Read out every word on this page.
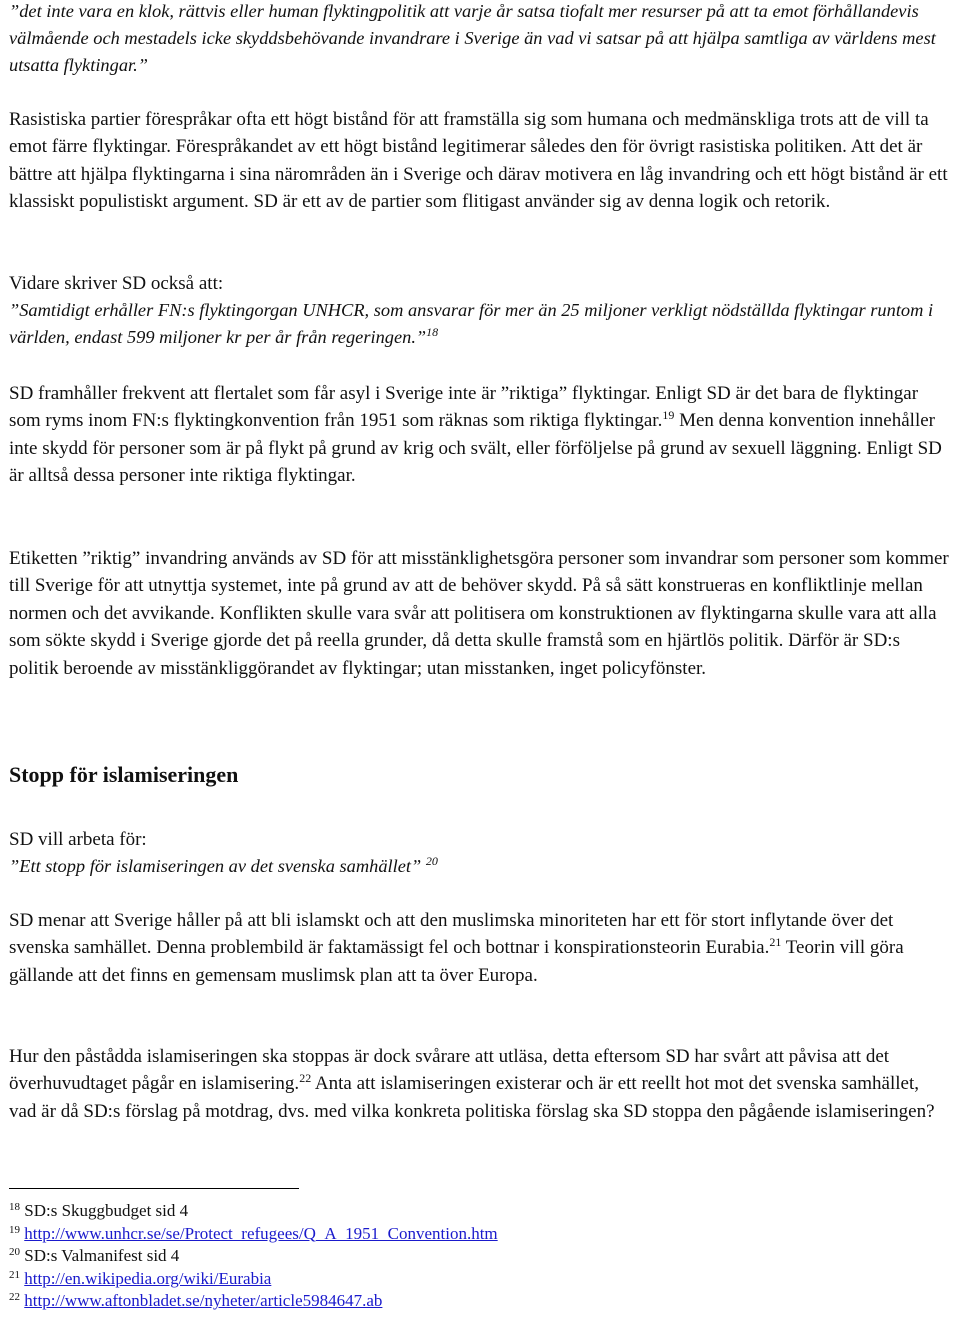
”det inte vara en klok, rättvis eller human flyktingpolitik att varje år satsa tiofalt mer resurser på att ta emot förhållandevis välmående och mestadels icke skyddsbehövande invandrare i Sverige än vad vi satsar på att hjälpa samtliga av världens mest utsatta flyktingar.”

Rasistiska partier förespråkar ofta ett högt bistånd för att framställa sig som humana och medmänskliga trots att de vill ta emot färre flyktingar. Förespråkandet av ett högt bistånd legitimerar således den för övrigt rasistiska politiken. Att det är bättre att hjälpa flyktingarna i sina närområden än i Sverige och därav motivera en låg invandring och ett högt bistånd är ett klassiskt populistiskt argument. SD är ett av de partier som flitigast använder sig av denna logik och retorik.

Vidare skriver SD också att:

”Samtidigt erhåller FN:s flyktingorgan UNHCR, som ansvarar för mer än 25 miljoner verkligt nödställda flyktingar runtom i världen, endast 599 miljoner kr per år från regeringen.”$^{18}$

SD framhåller frekvent att flertalet som får asyl i Sverige inte är ”riktiga” flyktingar. Enligt SD är det bara de flyktingar som ryms inom FN:s flyktingkonvention från 1951 som räknas som riktiga flyktingar.$^{19}$ Men denna konvention innehåller inte skydd för personer som är på flykt på grund av krig och svält, eller förföljelse på grund av sexuell läggning. Enligt SD är alltså dessa personer inte riktiga flyktingar.

Etiketten ”riktig” invandring används av SD för att misstänklighetsgöra personer som invandrar som personer som kommer till Sverige för att utnyttja systemet, inte på grund av att de behöver skydd. På så sätt konstrueras en konfliktlinje mellan normen och det avvikande. Konflikten skulle vara svår att politisera om konstruktionen av flyktingarna skulle vara att alla som sökte skydd i Sverige gjorde det på reella grunder, då detta skulle framstå som en hjärtlös politik. Därför är SD:s politik beroende av misstänkliggörandet av flyktingar; utan misstanken, inget policyfönster.

Stopp för islamiseringen

SD vill arbeta för:

”Ett stopp för islamiseringen av det svenska samhället” $^{20}$

SD menar att Sverige håller på att bli islamskt och att den muslimska minoriteten har ett för stort inflytande över det svenska samhället. Denna problembild är faktamässigt fel och bottnar i konspirationsteorin Eurabia.$^{21}$ Teorin vill göra gällande att det finns en gemensam muslimsk plan att ta över Europa.

Hur den påstådda islamiseringen ska stoppas är dock svårare att utläsa, detta eftersom SD har svårt att påvisa att det överhuvudtaget pågår en islamisering.$^{22}$ Anta att islamiseringen existerar och är ett reellt hot mot det svenska samhället, vad är då SD:s förslag på motdrag, dvs. med vilka konkreta politiska förslag ska SD stoppa den pågående islamiseringen?

$^{18}$ SD:s Skuggbudget sid 4

$^{19}$ http://www.unhcr.se/se/Protect_refugees/Q_A_1951_Convention.htm

$^{20}$ SD:s Valmanifest sid 4

$^{21}$ http://en.wikipedia.org/wiki/Eurabia

$^{22}$ http://www.aftonbladet.se/nyheter/article5984647.ab
